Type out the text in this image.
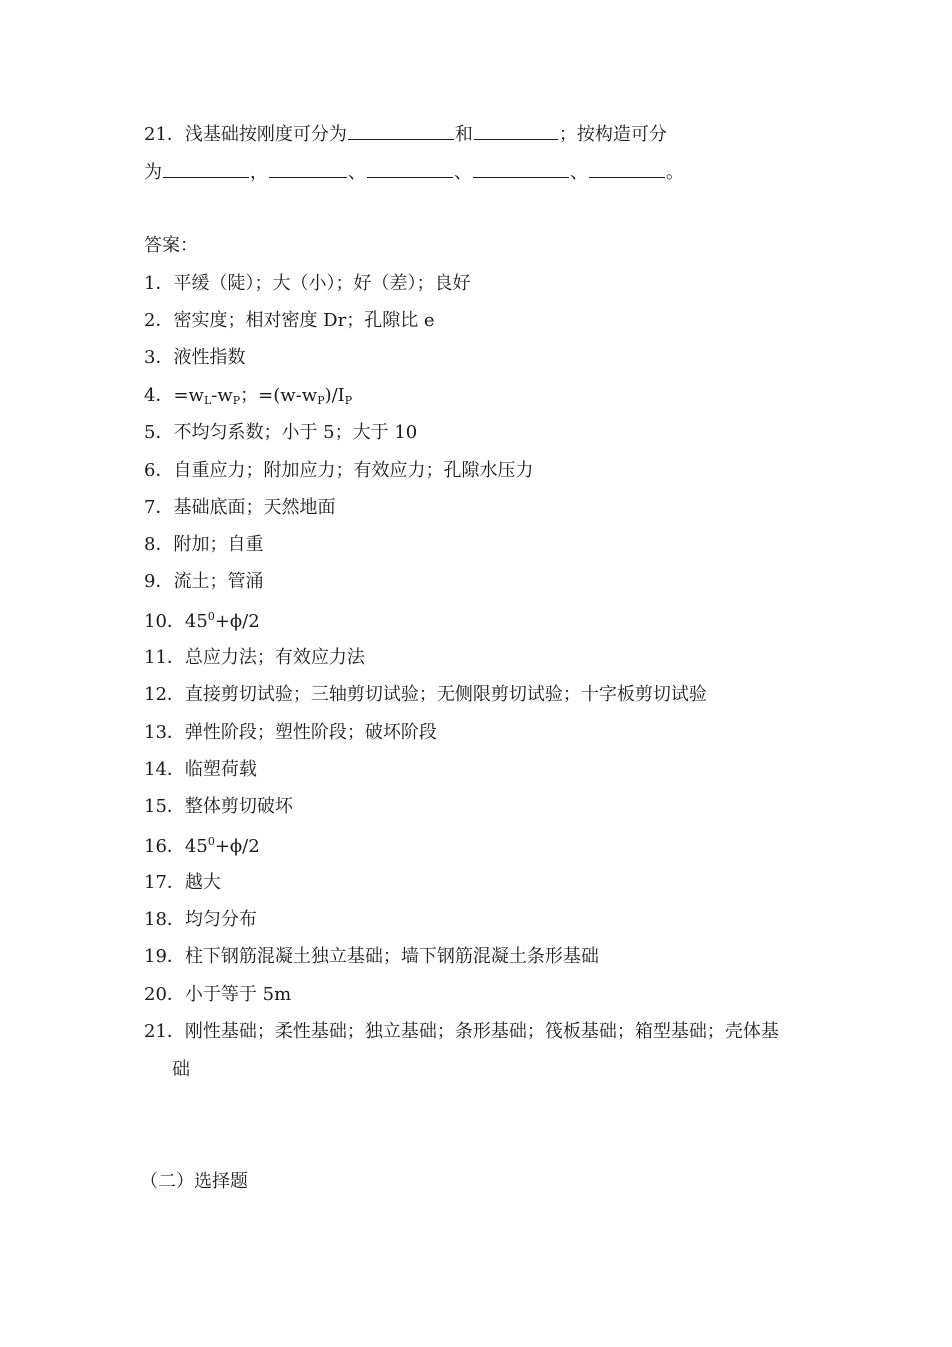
21．浅基础按刚度可分为	和	；按构造可分
为	，	、	、	、	。
答案：
1．平缓（陡）；大（小）；好（差）；良好
2．密实度；相对密度 Dr；孔隙比 e
3．液性指数
4．=wL-wP；=(w-wP)/IP
5．不均匀系数；小于 5；大于 10
6．自重应力；附加应力；有效应力；孔隙水压力
7．基础底面；天然地面
8．附加；自重
9．流土；管涌
10．$45^0+\phi/2$
11．总应力法；有效应力法
12．直接剪切试验；三轴剪切试验；无侧限剪切试验；十字板剪切试验
13．弹性阶段；塑性阶段；破坏阶段
14．临塑荷载
15．整体剪切破坏
16．$45^0+\phi/2$
17．越大
18．均匀分布
19．柱下钢筋混凝土独立基础；墙下钢筋混凝土条形基础
20．小于等于 5m
21．刚性基础；柔性基础；独立基础；条形基础；筏板基础；箱型基础；壳体基
础
（二）选择题
